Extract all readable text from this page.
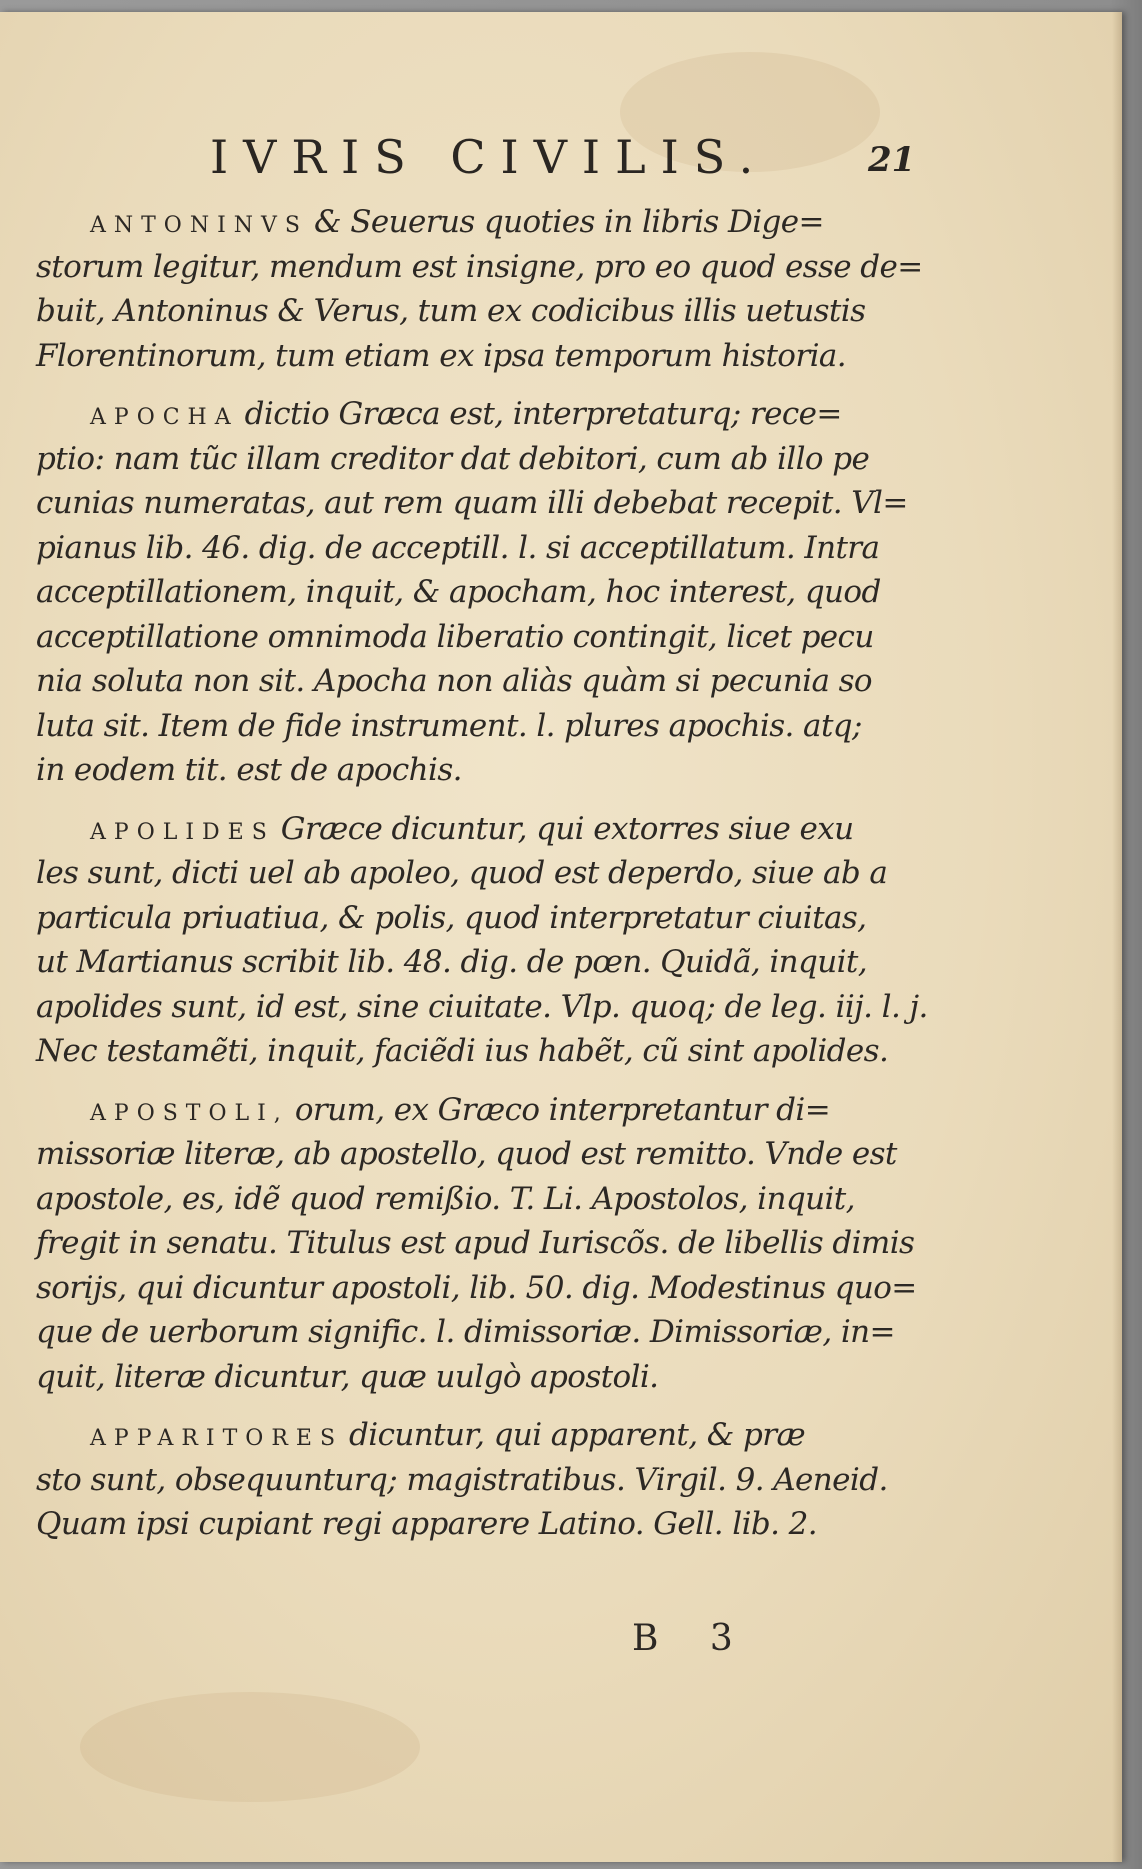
IVRIS CIVILIS.	21
ANTONINVS & Seuerus quoties in libris Dige=
storum legitur, mendum est insigne, pro eo quod esse de=
buit, Antoninus & Verus, tum ex codicibus illis uetustis
Florentinorum, tum etiam ex ipsa temporum historia.
APOCHA dictio Græca est, interpretaturq; rece=
ptio: nam tũc illam creditor dat debitori, cum ab illo pe
cunias numeratas, aut rem quam illi debebat recepit. Vl=
pianus lib. 46. dig. de acceptill. l. si acceptillatum. Intra
acceptillationem, inquit, & apocham, hoc interest, quod
acceptillatione omnimoda liberatio contingit, licet pecu
nia soluta non sit. Apocha non aliàs quàm si pecunia so
luta sit. Item de fide instrument. l. plures apochis. atq;
in eodem tit. est de apochis.
APOLIDES Græce dicuntur, qui extorres siue exu
les sunt, dicti uel ab apoleo, quod est deperdo, siue ab a
particula priuatiua, & polis, quod interpretatur ciuitas,
ut Martianus scribit lib. 48. dig. de pœn. Quidã, inquit,
apolides sunt, id est, sine ciuitate. Vlp. quoq; de leg. iij. l. j.
Nec testamẽti, inquit, faciẽdi ius habẽt, cũ sint apolides.
APOSTOLI, orum, ex Græco interpretantur di=
missoriæ literæ, ab apostello, quod est remitto. Vnde est
apostole, es, idẽ quod remißio. T. Li. Apostolos, inquit,
fregit in senatu. Titulus est apud Iuriscõs. de libellis dimis
sorijs, qui dicuntur apostoli, lib. 50. dig. Modestinus quo=
que de uerborum signific. l. dimissoriæ. Dimissoriæ, in=
quit, literæ dicuntur, quæ uulgò apostoli.
APPARITORES dicuntur, qui apparent, & præ
sto sunt, obsequunturq; magistratibus. Virgil. 9. Aeneid.
Quam ipsi cupiant regi apparere Latino. Gell. lib. 2.
B 3
